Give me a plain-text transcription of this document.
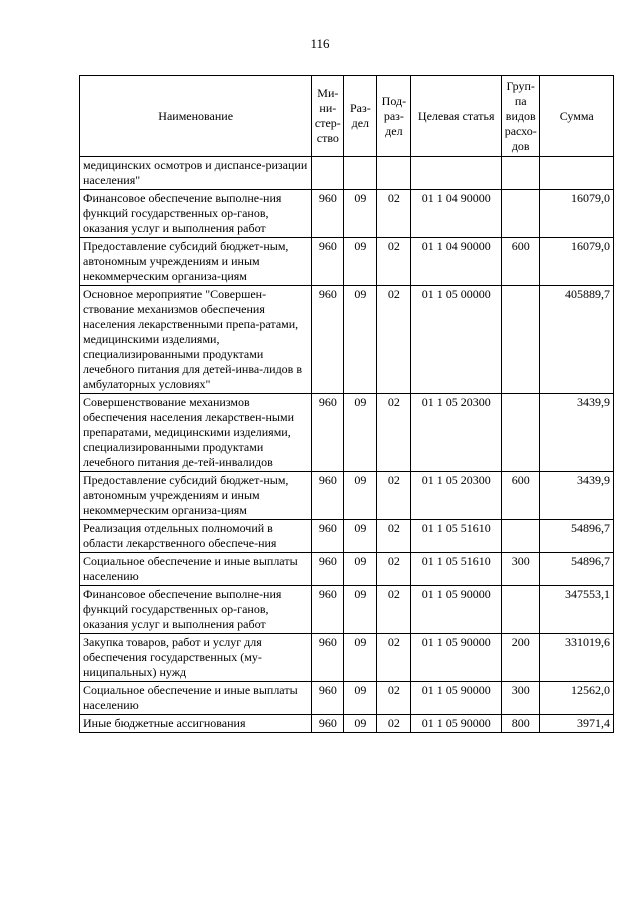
116
Наименование	Ми-ни-стер-ство	Раз-дел	Под-раз-дел	Целевая статья	Груп-па видов расхо-дов	Сумма
медицинских осмотров и диспансе-ризации населения"						
Финансовое обеспечение выполне-ния функций государственных ор-ганов, оказания услуг и выполнения работ	960	09	02	01 1 04 90000		16079,0
Предоставление субсидий бюджет-ным, автономным учреждениям и иным некоммерческим организа-циям	960	09	02	01 1 04 90000	600	16079,0
Основное мероприятие "Совершен-ствование механизмов обеспечения населения лекарственными препа-ратами, медицинскими изделиями, специализированными продуктами лечебного питания для детей-инва-лидов в амбулаторных условиях"	960	09	02	01 1 05 00000		405889,7
Совершенствование механизмов обеспечения населения лекарствен-ными препаратами, медицинскими изделиями, специализированными продуктами лечебного питания де-тей-инвалидов	960	09	02	01 1 05 20300		3439,9
Предоставление субсидий бюджет-ным, автономным учреждениям и иным некоммерческим организа-циям	960	09	02	01 1 05 20300	600	3439,9
Реализация отдельных полномочий в области лекарственного обеспече-ния	960	09	02	01 1 05 51610		54896,7
Социальное обеспечение и иные выплаты населению	960	09	02	01 1 05 51610	300	54896,7
Финансовое обеспечение выполне-ния функций государственных ор-ганов, оказания услуг и выполнения работ	960	09	02	01 1 05 90000		347553,1
Закупка товаров, работ и услуг для обеспечения государственных (му-ниципальных) нужд	960	09	02	01 1 05 90000	200	331019,6
Социальное обеспечение и иные выплаты населению	960	09	02	01 1 05 90000	300	12562,0
Иные бюджетные ассигнования	960	09	02	01 1 05 90000	800	3971,4
